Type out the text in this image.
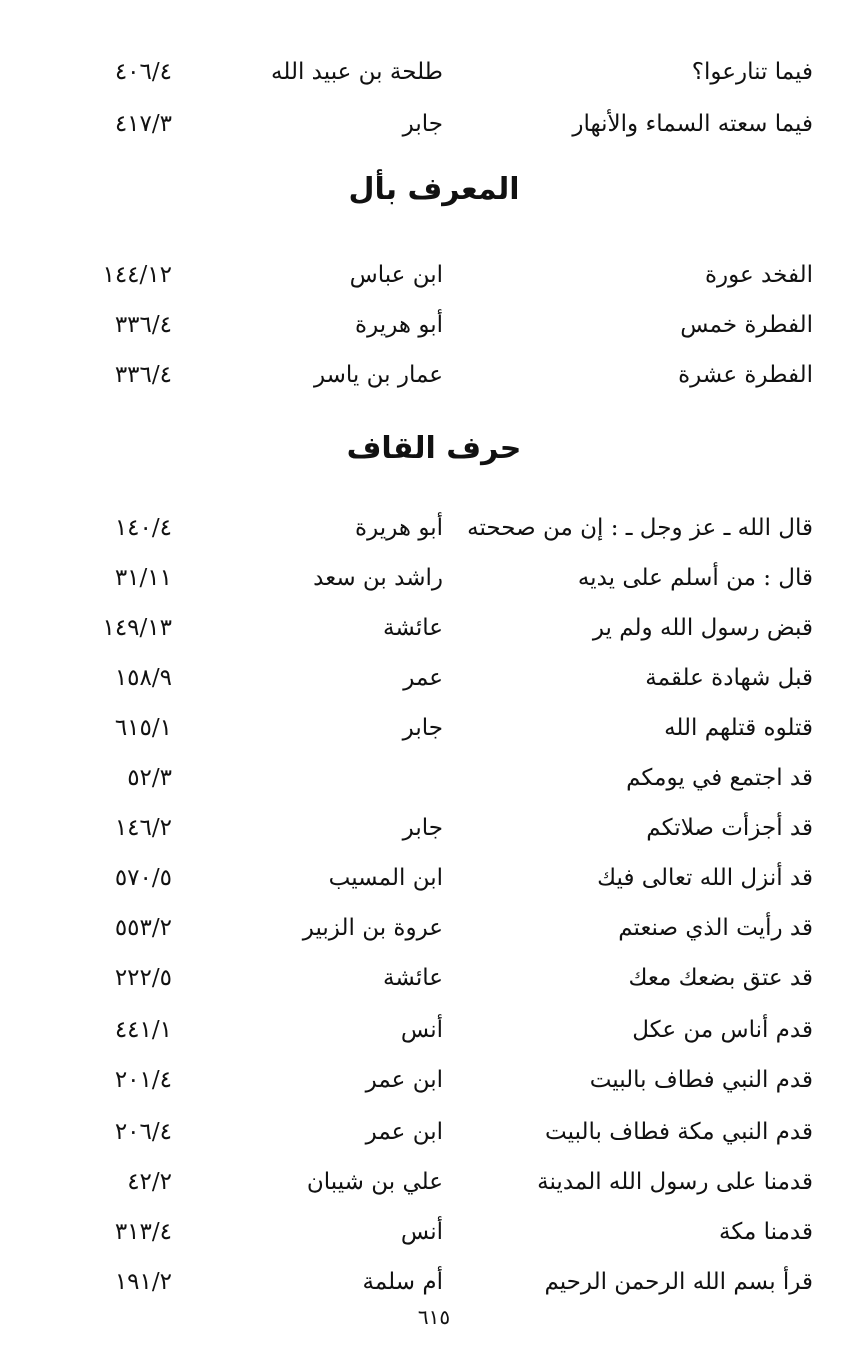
فيما تنارعوا؟
طلحة بن عبيد الله
٤٠٦/٤
فيما سعته السماء والأنهار
جابر
٤١٧/٣
المعرف بأل
الفخد عورة
ابن عباس
١٤٤/١٢
الفطرة خمس
أبو هريرة
٣٣٦/٤
الفطرة عشرة
عمار بن ياسر
٣٣٦/٤
حرف القاف
قال الله ـ عز وجل ـ : إن من صححته
أبو هريرة
١٤٠/٤
قال : من أسلم على يديه
راشد بن سعد
٣١/١١
قبض رسول الله ولم ير
عائشة
١٤٩/١٣
قبل شهادة علقمة
عمر
١٥٨/٩
قتلوه قتلهم الله
جابر
٦١٥/١
قد اجتمع في يومكم
٥٢/٣
قد أجزأت صلاتكم
جابر
١٤٦/٢
قد أنزل الله تعالى فيك
ابن المسيب
٥٧٠/٥
قد رأيت الذي صنعتم
عروة بن الزبير
٥٥٣/٢
قد عتق بضعك معك
عائشة
٢٢٢/٥
قدم أناس من عكل
أنس
٤٤١/١
قدم النبي فطاف بالبيت
ابن عمر
٢٠١/٤
قدم النبي مكة فطاف بالبيت
ابن عمر
٢٠٦/٤
قدمنا على رسول الله المدينة
علي بن شيبان
٤٢/٢
قدمنا مكة
أنس
٣١٣/٤
قرأ بسم الله الرحمن الرحيم
أم سلمة
١٩١/٢
٦١٥
